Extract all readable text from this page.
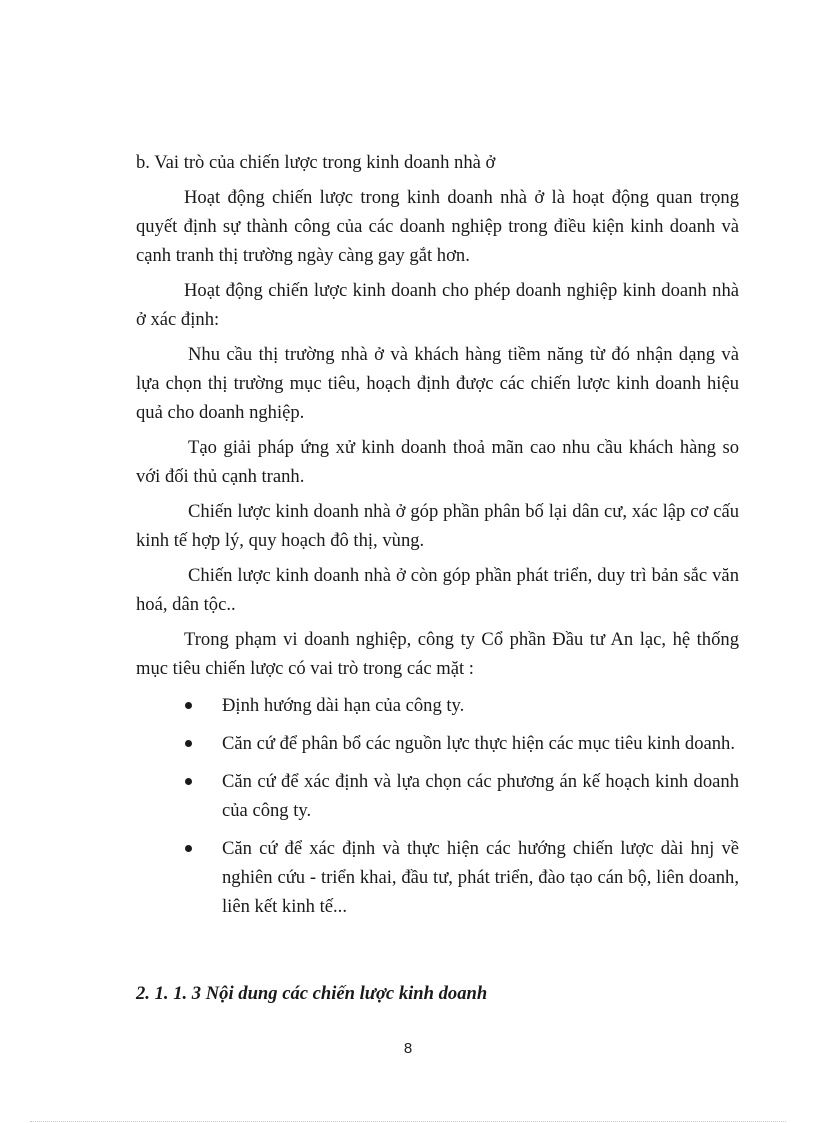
b. Vai trò của chiến lược trong kinh doanh nhà ở

Hoạt động chiến lược trong kinh doanh nhà ở là hoạt động quan trọng quyết định sự thành công của các doanh nghiệp trong điều kiện kinh doanh và cạnh tranh thị trường ngày càng gay gắt hơn.

Hoạt động chiến lược kinh doanh cho phép doanh nghiệp kinh doanh nhà ở xác định:

Nhu cầu thị trường nhà ở và khách hàng tiềm năng từ đó nhận dạng và lựa chọn thị trường mục tiêu, hoạch định được các chiến lược kinh doanh hiệu quả cho doanh nghiệp.

Tạo giải pháp ứng xử kinh doanh thoả mãn cao nhu cầu khách hàng so với đối thủ cạnh tranh.

Chiến lược kinh doanh nhà ở góp phần phân bố lại dân cư, xác lập cơ cấu kinh tế hợp lý, quy hoạch đô thị, vùng.

Chiến lược kinh doanh nhà ở còn góp phần phát triển, duy trì bản sắc văn hoá, dân tộc..

Trong phạm vi doanh nghiệp, công ty Cổ phần Đầu tư An lạc, hệ thống mục tiêu chiến lược có vai trò trong các mặt :

Định hướng dài hạn của công ty.
Căn cứ để phân bổ các nguồn lực thực hiện các mục tiêu kinh doanh.
Căn cứ để xác định và lựa chọn các phương án kế hoạch kinh doanh của công ty.
Căn cứ để xác định và thực hiện các hướng chiến lược dài hnj về nghiên cứu - triển khai, đầu tư, phát triển, đào tạo cán bộ, liên doanh, liên kết kinh tế...

2. 1. 1. 3 Nội dung các chiến lược kinh doanh

8
